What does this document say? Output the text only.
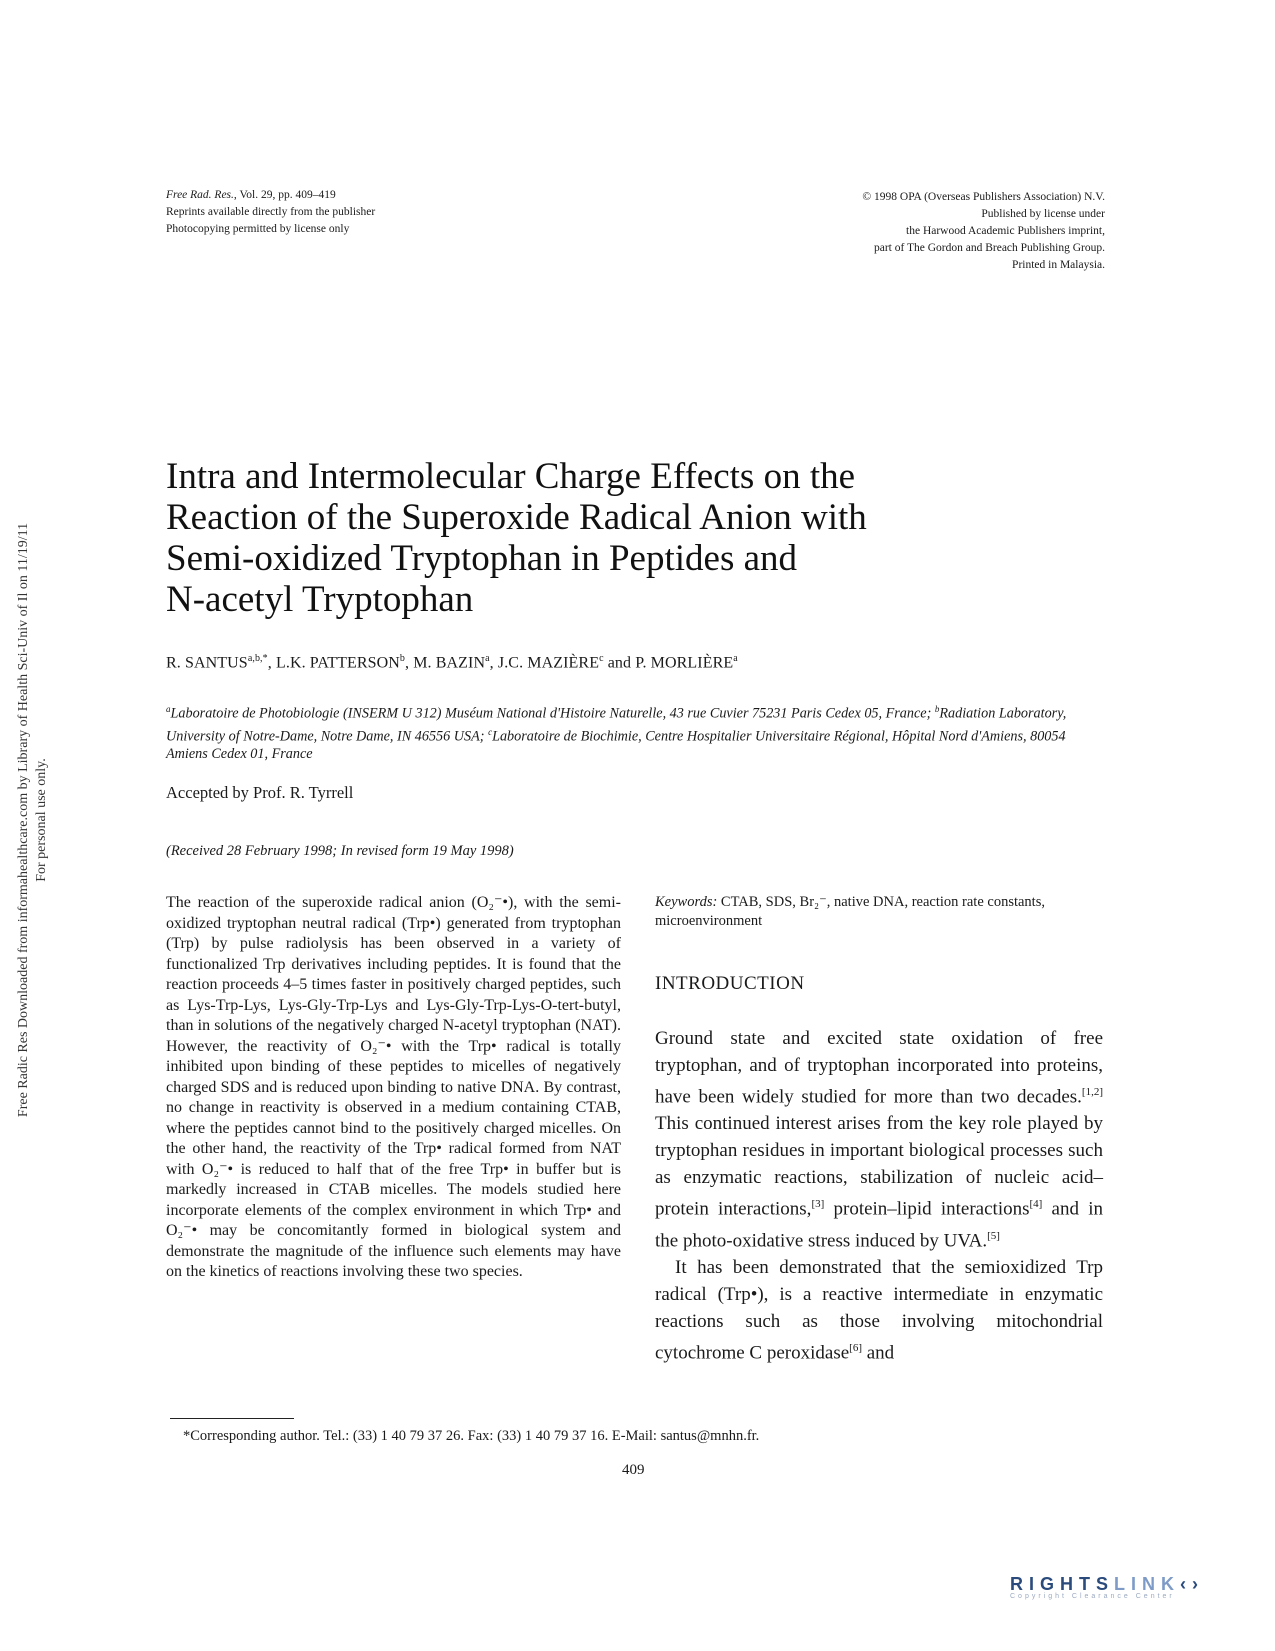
Free Rad. Res., Vol. 29, pp. 409–419
Reprints available directly from the publisher
Photocopying permitted by license only
© 1998 OPA (Overseas Publishers Association) N.V.
Published by license under
the Harwood Academic Publishers imprint,
part of The Gordon and Breach Publishing Group.
Printed in Malaysia.
Free Radic Res Downloaded from informahealthcare.com by Library of Health Sci-Univ of Il on 11/19/11 For personal use only.
Intra and Intermolecular Charge Effects on the
Reaction of the Superoxide Radical Anion with
Semi-oxidized Tryptophan in Peptides and
N-acetyl Tryptophan
R. $SANTUS^{a,b,*}$, L.K. PATTERSON$^b$, M. BAZIN$^a$, J.C. MAZIÈRE$^c$ and P. MORLIÈRE$^a$
$^a$Laboratoire de Photobiologie (INSERM U 312) Muséum National d'Histoire Naturelle, 43 rue Cuvier 75231 Paris Cedex 05, France; $^b$Radiation Laboratory, University of Notre-Dame, Notre Dame, IN 46556 USA; $^c$Laboratoire de Biochimie, Centre Hospitalier Universitaire Régional, Hôpital Nord d'Amiens, 80054 Amiens Cedex 01, France
Accepted by Prof. R. Tyrrell
(Received 28 February 1998; In revised form 19 May 1998)

The reaction of the superoxide radical anion (O₂⁻•), with the semi-oxidized tryptophan neutral radical (Trp•) generated from tryptophan (Trp) by pulse radiolysis has been observed in a variety of functionalized Trp derivatives including peptides. It is found that the reaction proceeds 4–5 times faster in positively charged peptides, such as Lys-Trp-Lys, Lys-Gly-Trp-Lys and Lys-Gly-Trp-Lys-O-tert-butyl, than in solutions of the negatively charged N-acetyl tryptophan (NAT). However, the reactivity of O₂⁻• with the Trp• radical is totally inhibited upon binding of these peptides to micelles of negatively charged SDS and is reduced upon binding to native DNA. By contrast, no change in reactivity is observed in a medium containing CTAB, where the peptides cannot bind to the positively charged micelles. On the other hand, the reactivity of the Trp• radical formed from NAT with O₂⁻• is reduced to half that of the free Trp• in buffer but is markedly increased in CTAB micelles. The models studied here incorporate elements of the complex environment in which Trp• and O₂⁻• may be concomitantly formed in biological system and demonstrate the magnitude of the influence such elements may have on the kinetics of reactions involving these two species.

Keywords: CTAB, SDS, Br₂⁻, native DNA, reaction rate constants, microenvironment
INTRODUCTION

Ground state and excited state oxidation of free tryptophan, and of tryptophan incorporated into proteins, have been widely studied for more than two decades.[1,2] This continued interest arises from the key role played by tryptophan residues in important biological processes such as enzymatic reactions, stabilization of nucleic acid–protein interactions,[3] protein–lipid interactions[4] and in the photo-oxidative stress induced by UVA.[5]

It has been demonstrated that the semioxidized Trp radical (Trp•), is a reactive intermediate in enzymatic reactions such as those involving mitochondrial cytochrome C peroxidase[6] and

*Corresponding author. Tel.: (33) 1 40 79 37 26. Fax: (33) 1 40 79 37 16. E-Mail: santus@mnhn.fr.
409
RIGHTSLINK‹›
Copyright Clearance Center
